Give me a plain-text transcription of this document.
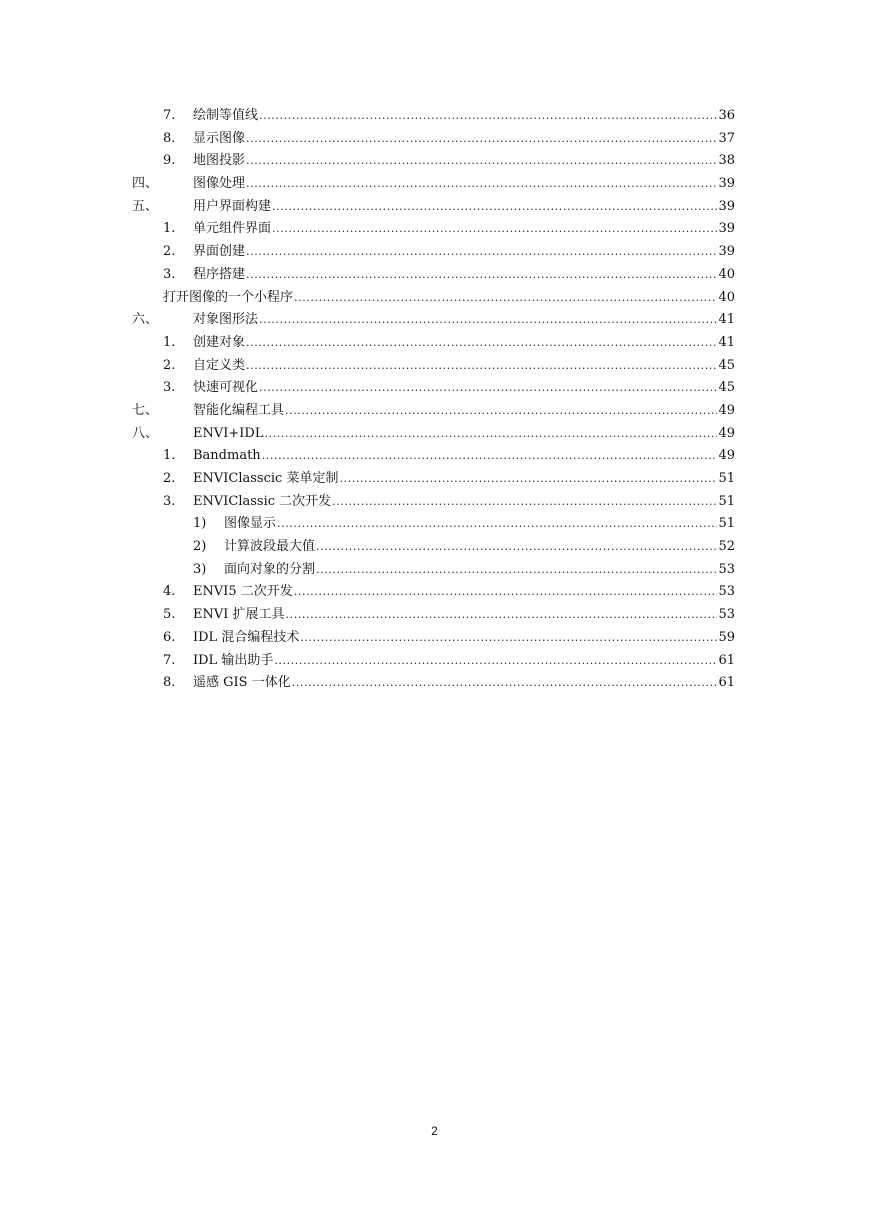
7. 绘制等值线 .....	36
8. 显示图像 .....	37
9. 地图投影 .....	38
四、	图像处理 .....	39
五、	用户界面构建 .....	39
1. 单元组件界面 .....	39
2. 界面创建 .....	39
3. 程序搭建 .....	40
打开图像的一个小程序 .....	40
六、	对象图形法 .....	41
1. 创建对象 .....	41
2. 自定义类 .....	45
3. 快速可视化 .....	45
七、	智能化编程工具 .....	49
八、	ENVI+IDL .....	49
1. Bandmath .....	49
2. ENVIClasscic 菜单定制 .....	51
3. ENVIClassic 二次开发 .....	51
1) 图像显示 .....	51
2) 计算波段最大值 .....	52
3) 面向对象的分割 .....	53
4. ENVI5 二次开发 .....	53
5. ENVI 扩展工具 .....	53
6. IDL 混合编程技术 .....	59
7. IDL 输出助手 .....	61
8. 遥感 GIS 一体化 .....	61
2
